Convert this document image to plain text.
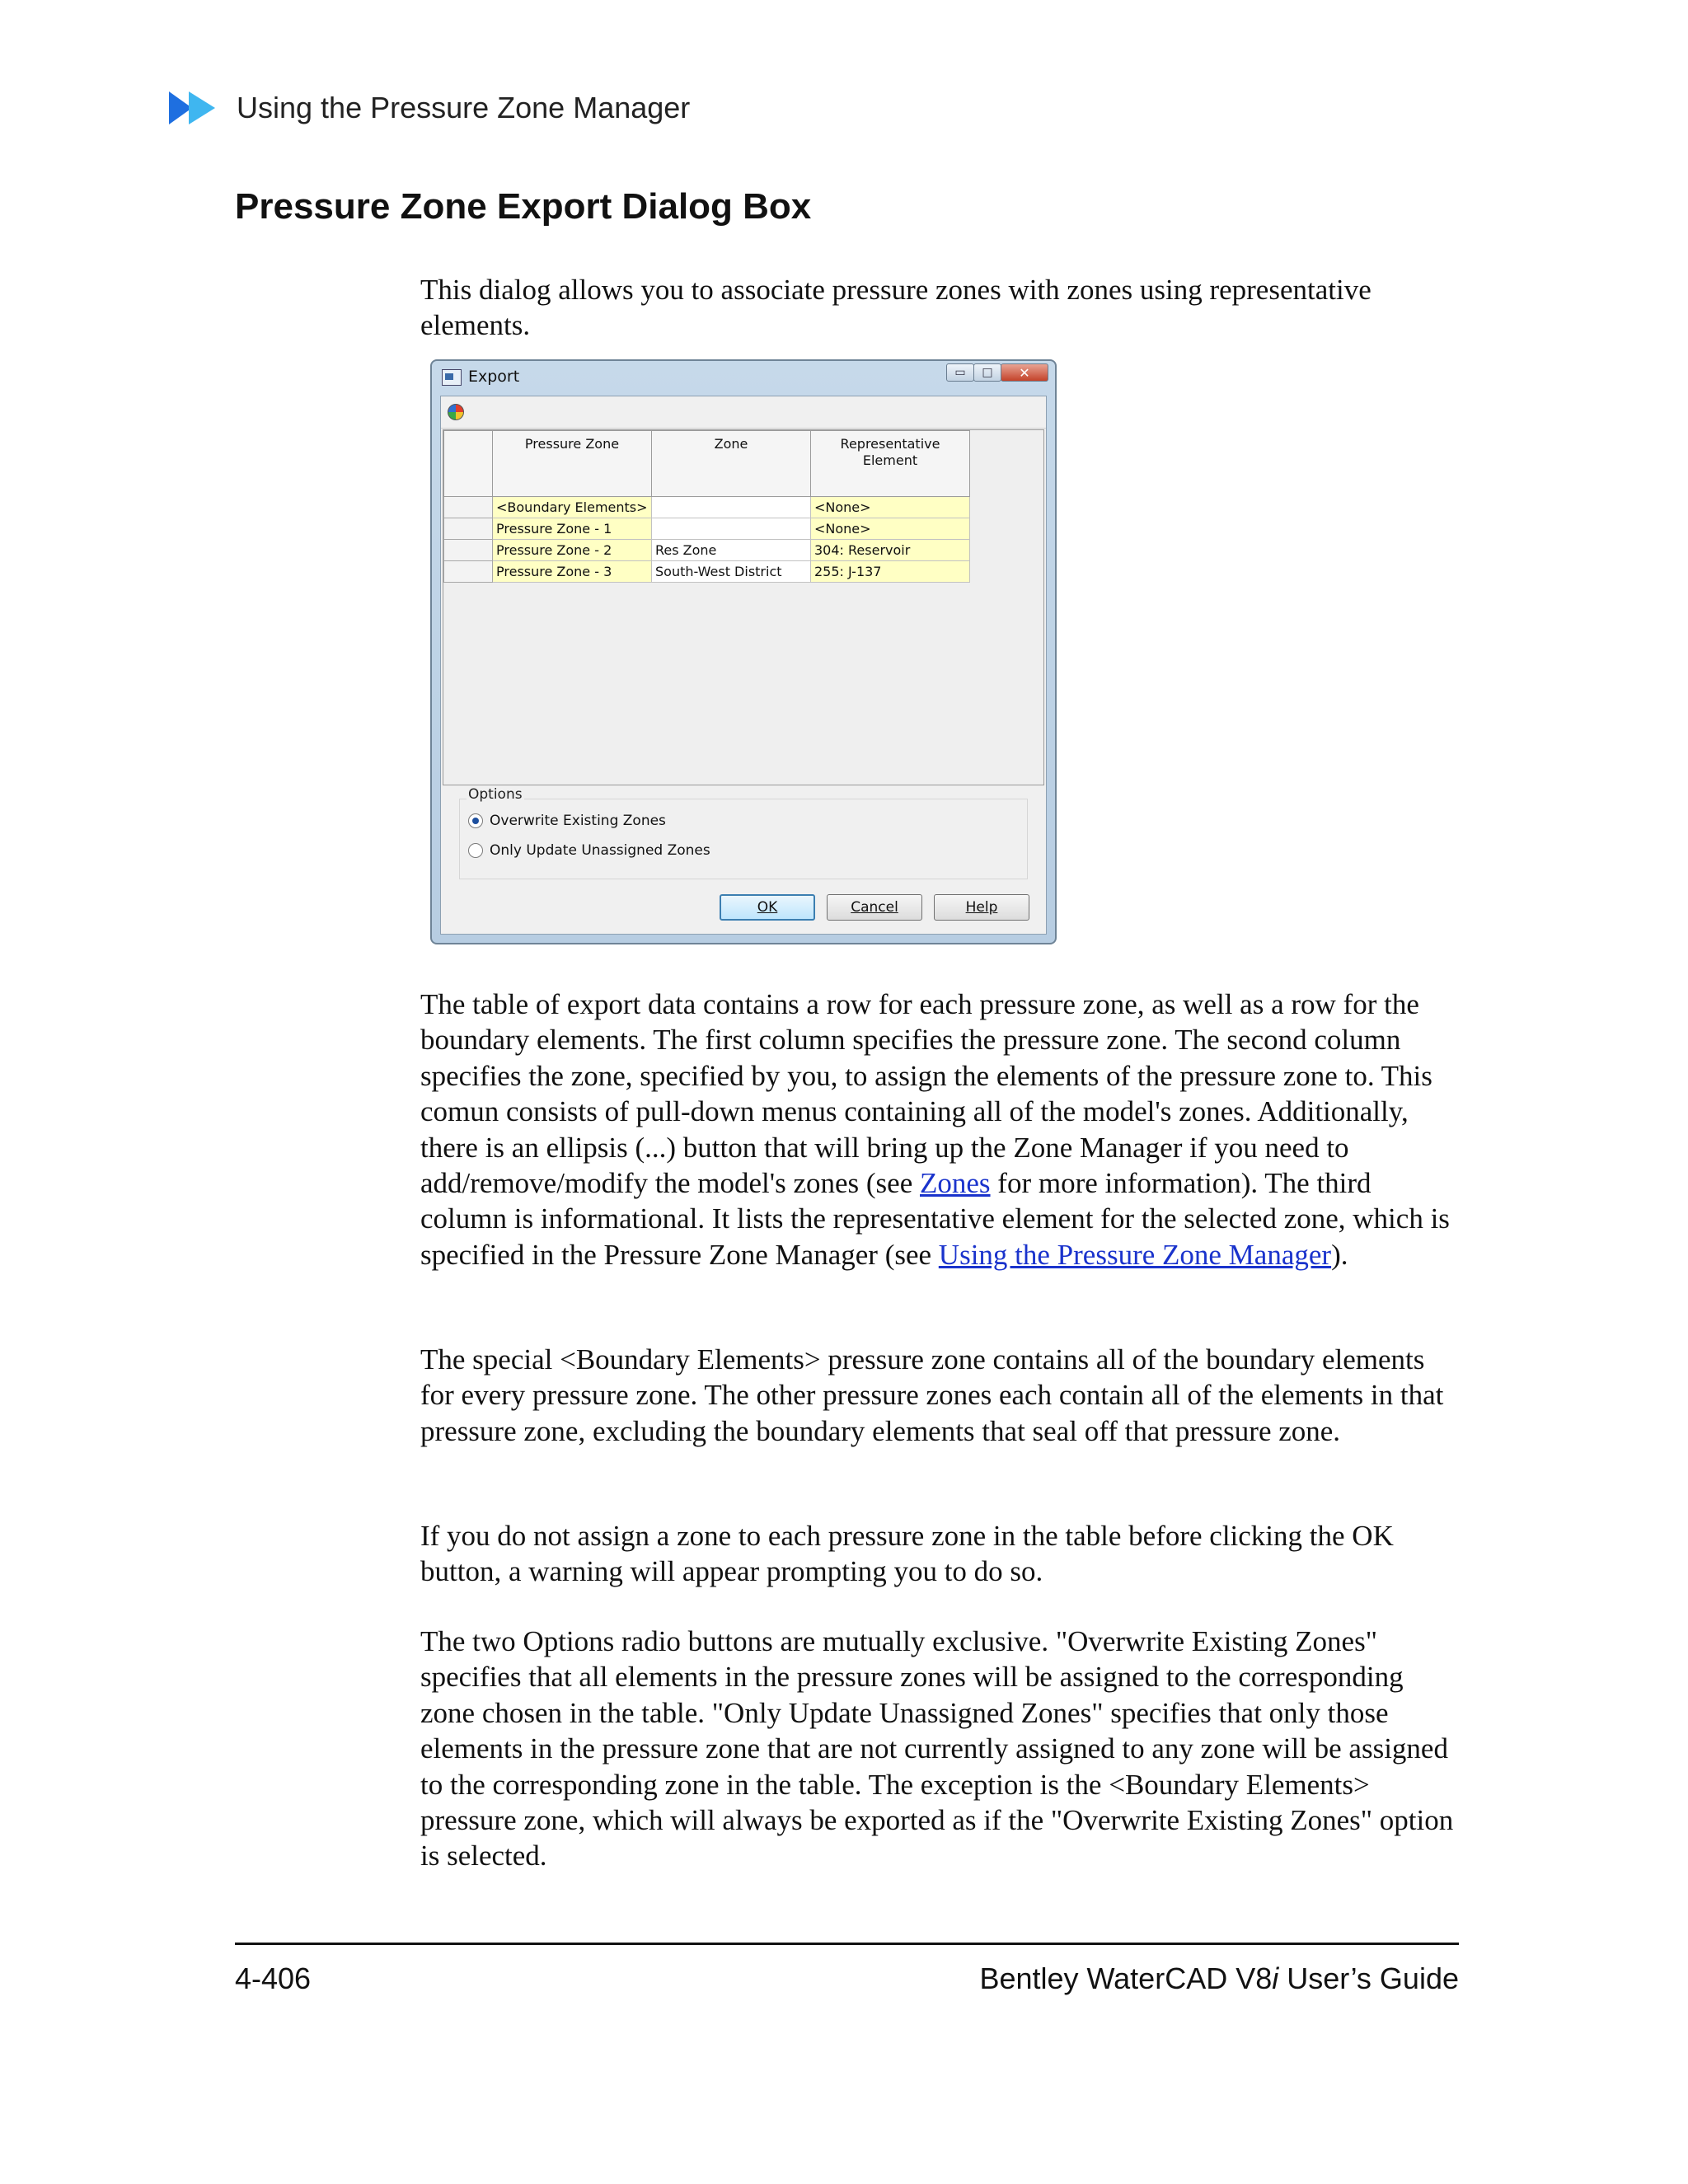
Using the Pressure Zone Manager
Pressure Zone Export Dialog Box

This dialog allows you to associate pressure zones with zones using representative elements.

Export	▭ □ ✕
	Pressure Zone	Zone	Representative
Element
	<Boundary Elements>		<None>
	Pressure Zone - 1		<None>
	Pressure Zone - 2	Res Zone	304: Reservoir
	Pressure Zone - 3	South-West District	255: J-137
Options
Overwrite Existing Zones
Only Update Unassigned Zones
OK	Cancel	Help

The table of export data contains a row for each pressure zone, as well as a row for the boundary elements. The first column specifies the pressure zone. The second column specifies the zone, specified by you, to assign the elements of the pressure zone to. This comun consists of pull-down menus containing all of the model's zones. Additionally, there is an ellipsis (...) button that will bring up the Zone Manager if you need to add/remove/modify the model's zones (see Zones for more information). The third column is informational. It lists the representative element for the selected zone, which is specified in the Pressure Zone Manager (see Using the Pressure Zone Manager).

The special <Boundary Elements> pressure zone contains all of the boundary elements for every pressure zone. The other pressure zones each contain all of the elements in that pressure zone, excluding the boundary elements that seal off that pressure zone.

If you do not assign a zone to each pressure zone in the table before clicking the OK button, a warning will appear prompting you to do so.

The two Options radio buttons are mutually exclusive. "Overwrite Existing Zones" specifies that all elements in the pressure zones will be assigned to the corresponding zone chosen in the table. "Only Update Unassigned Zones" specifies that only those elements in the pressure zone that are not currently assigned to any zone will be assigned to the corresponding zone in the table. The exception is the <Boundary Elements> pressure zone, which will always be exported as if the "Overwrite Existing Zones" option is selected.

4-406	Bentley WaterCAD V8i User’s Guide
